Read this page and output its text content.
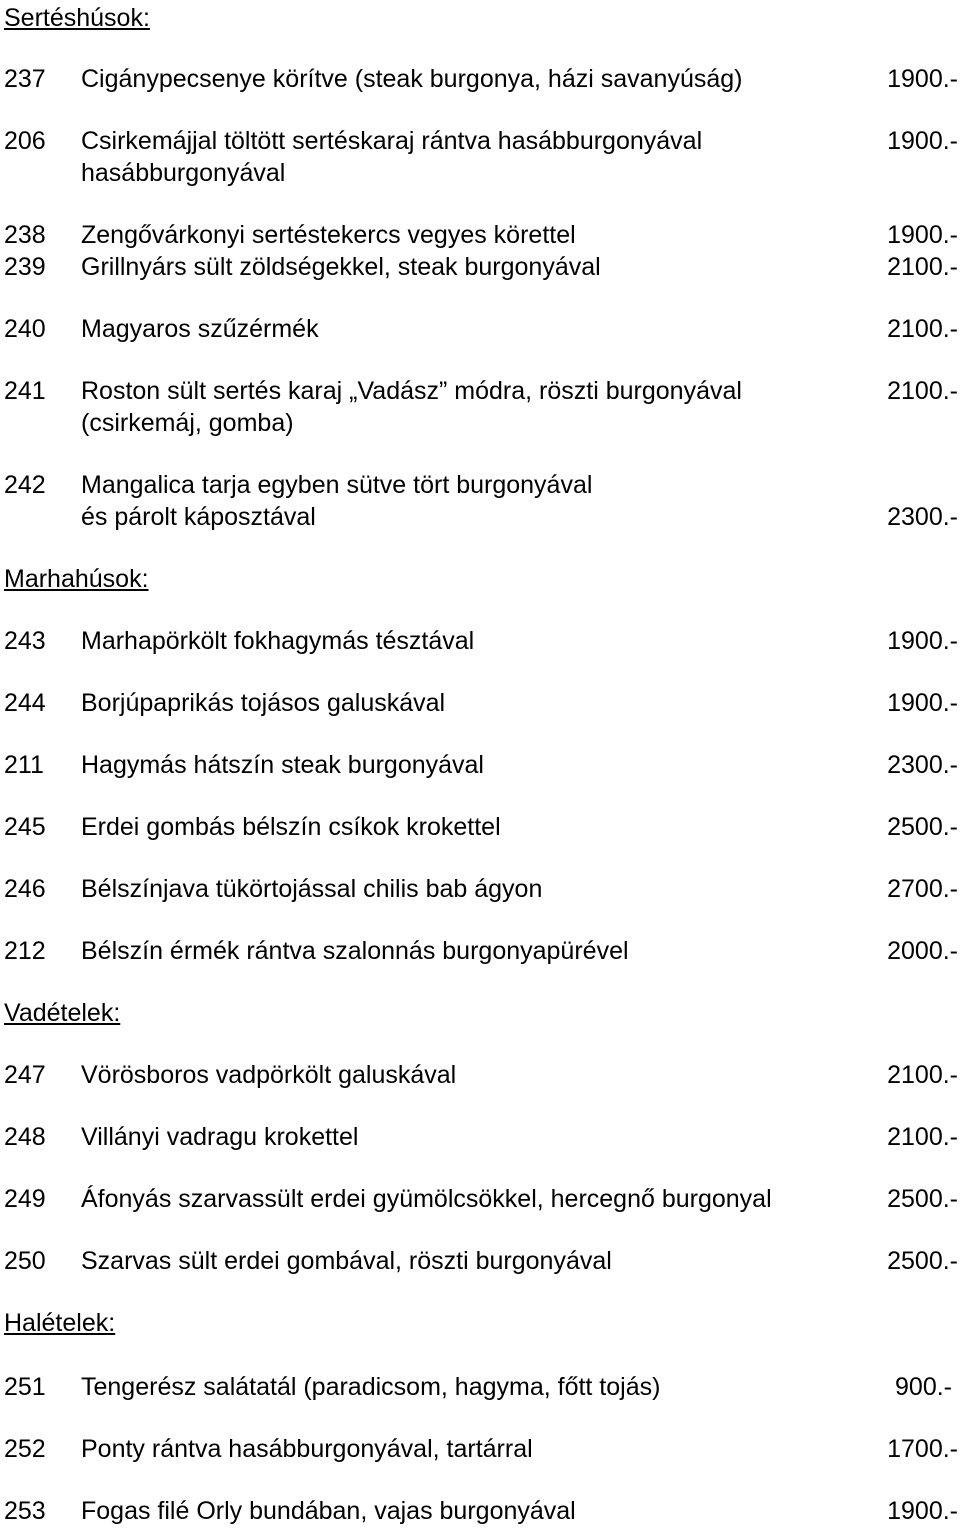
Sertéshúsok:
237 Cigánypecsenye körítve (steak burgonya, házi savanyúság)	1900.-
206 Csirkemájjal töltött sertéskaraj rántva hasábburgonyával	1900.-
hasábburgonyával
238 Zengővárkonyi sertéstekercs vegyes körettel	1900.-
239 Grillnyárs sült zöldségekkel, steak burgonyával	2100.-
240 Magyaros szűzérmék	2100.-
241 Roston sült sertés karaj „Vadász” módra, röszti burgonyával	2100.-
(csirkemáj, gomba)
242 Mangalica tarja egyben sütve tört burgonyával
és párolt káposztával	2300.-
Marhahúsok:
243 Marhapörkölt fokhagymás tésztával	1900.-
244 Borjúpaprikás tojásos galuskával	1900.-
211 Hagymás hátszín steak burgonyával	2300.-
245 Erdei gombás bélszín csíkok krokettel	2500.-
246 Bélszínjava tükörtojással chilis bab ágyon	2700.-
212 Bélszín érmék rántva szalonnás burgonyapürével	2000.-
Vadételek:
247 Vörösboros vadpörkölt galuskával	2100.-
248 Villányi vadragu krokettel	2100.-
249 Áfonyás szarvassült erdei gyümölcsökkel, hercegnő burgonyal	2500.-
250 Szarvas sült erdei gombával, röszti burgonyával	2500.-
Halételek:
251 Tengerész salátatál (paradicsom, hagyma, főtt tojás)	900.-
252 Ponty rántva hasábburgonyával, tartárral	1700.-
253 Fogas filé Orly bundában, vajas burgonyával	1900.-
